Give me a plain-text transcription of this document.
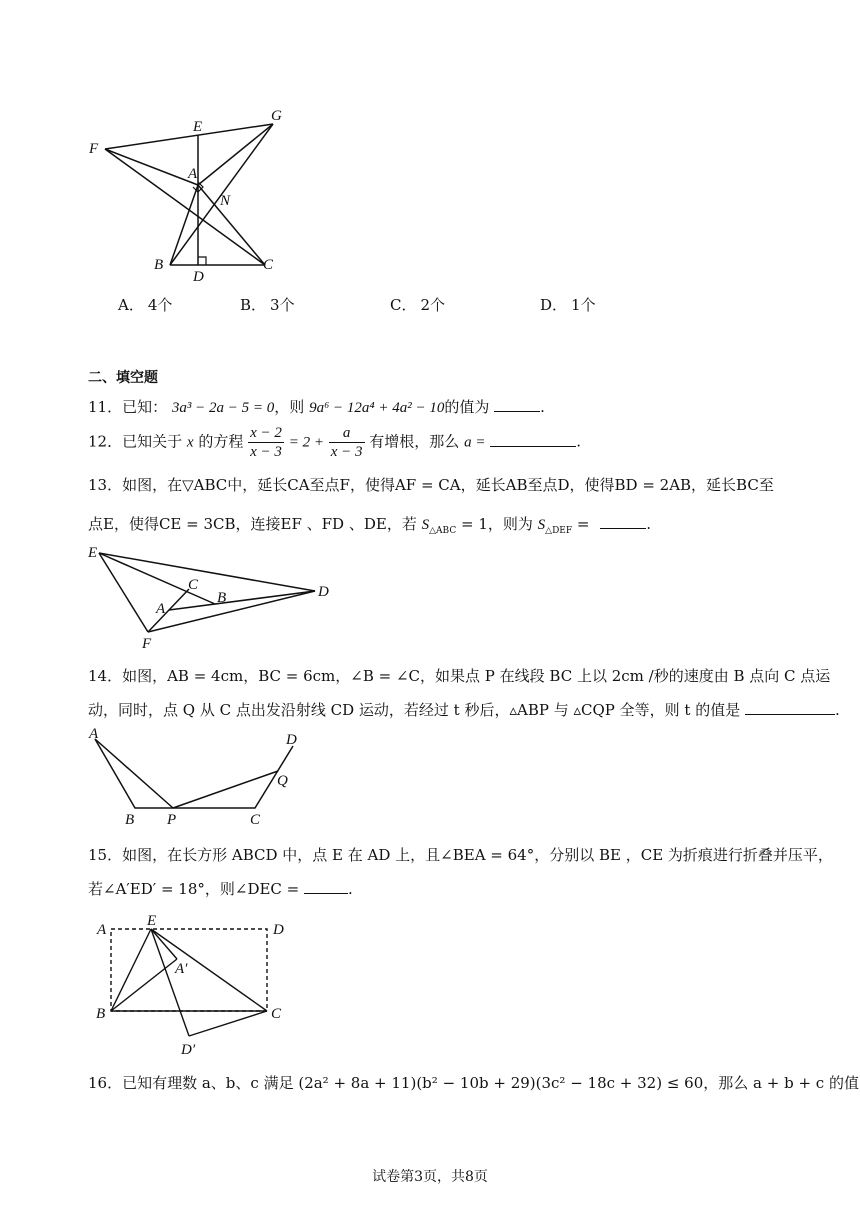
E
G
F
A
N
B
D
C
A． 4个	B． 3个	C． 2个	D． 1个
二、填空题
11．已知： 3a³ − 2a − 5 = 0，则 9a⁶ − 12a⁴ + 4a² − 10的值为	.
12．已知关于 x 的方程 $\frac{x - 2}{x - 3} = 2 + \frac{a}{x - 3}$ 有增根，那么 a =	.
13．如图，在▽ABC中，延长CA至点F，使得AF = CA，延长AB至点D，使得BD = 2AB，延长BC至
点E，使得CE = 3CB，连接EF 、FD 、DE，若 $S_{\triangle ABC} = 1$，则为 $S_{\triangle DEF}$ =	.
E
C
B	D
A
F
14．如图，AB = 4cm，BC = 6cm，∠B = ∠C，如果点 P 在线段 BC 上以 2cm /秒的速度由 B 点向 C 点运
动，同时，点 Q 从 C 点出发沿射线 CD 运动，若经过 t 秒后，▵ABP 与 ▵CQP 全等，则 t 的值是	.
A	D
Q
B P	C
15．如图，在长方形 ABCD 中，点 E 在 AD 上，且∠BEA = 64°，分别以 BE ，CE 为折痕进行折叠并压平，
若∠A′ED′ = 18°，则∠DEC =	.
A
E
D
A′
B	C
D′
16．已知有理数 a、b、c 满足 (2a² + 8a + 11)(b² − 10b + 29)(3c² − 18c + 32) ≤ 60，那么 a + b + c 的值
试卷第3页，共8页
